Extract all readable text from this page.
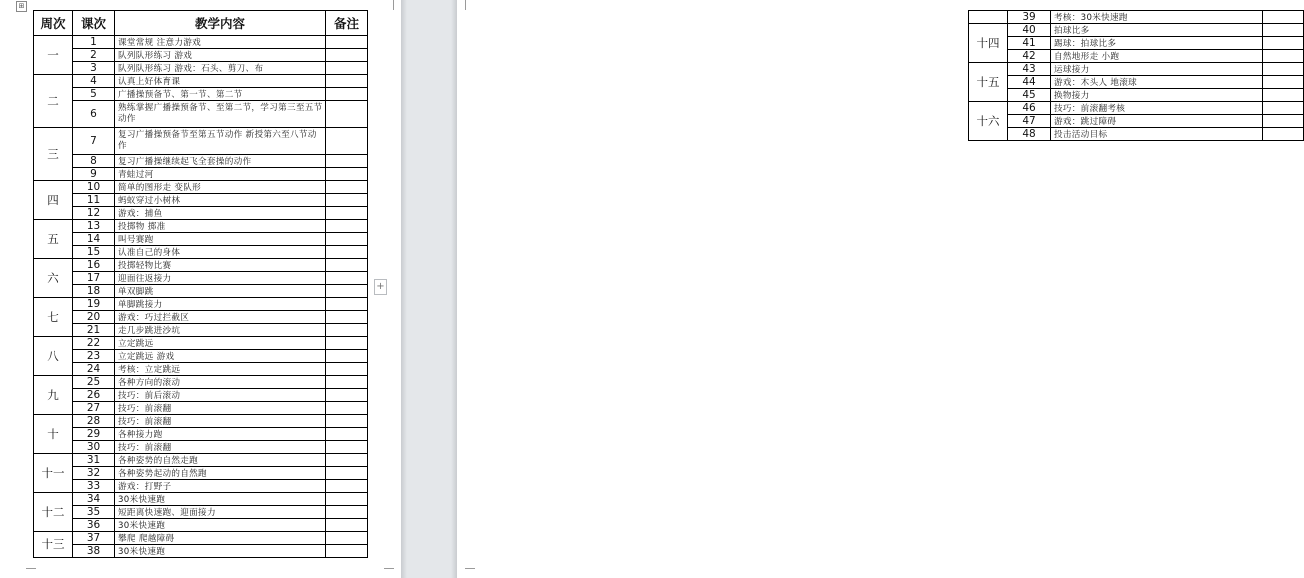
⊞
周次	课次	教学内容	备注
一	1	课堂常规 注意力游戏	
	2	队列队形练习 游戏	
	3	队列队形练习 游戏：石头、剪刀、布	
二	4	认真上好体育课	
	5	广播操预备节、第一节、第二节	
	6	熟练掌握广播操预备节、至第二节，学习第三至五节动作	
三	7	复习广播操预备节至第五节动作 新授第六至八节动作	
	8	复习广播操继续起飞全套操的动作	
	9	青蛙过河	
四	10	简单的图形走 变队形	
	11	蚂蚁穿过小树林	
	12	游戏：捕鱼	
五	13	投掷物 掷准	
	14	叫号赛跑	
	15	认准自己的身体	
六	16	投掷轻物比赛	
	17	迎面往返接力	
	18	单双脚跳	
七	19	单脚跳接力	
	20	游戏：巧过拦截区	
	21	走几步跳进沙坑	
八	22	立定跳远	
	23	立定跳远 游戏	
	24	考核：立定跳远	
九	25	各种方向的滚动	
	26	技巧：前后滚动	
	27	技巧：前滚翻	
十	28	技巧：前滚翻	
	29	各种接力跑	
	30	技巧：前滚翻	
十一	31	各种姿势的自然走跑	
	32	各种姿势起动的自然跑	
	33	游戏：打野子	
十二	34	30米快速跑	
	35	短距离快速跑、迎面接力	
	36	30米快速跑	
十三	37	攀爬 爬越障碍	
	38	30米快速跑	
+
	39	考核：30米快速跑	
十四	40	拍球比多	
	41	踢球：拍球比多	
	42	自然地形走 小跑	
十五	43	运球接力	
	44	游戏：木头人 地滚球	
	45	换物接力	
十六	46	技巧：前滚翻考核	
	47	游戏：跳过障碍	
	48	投击活动目标	
